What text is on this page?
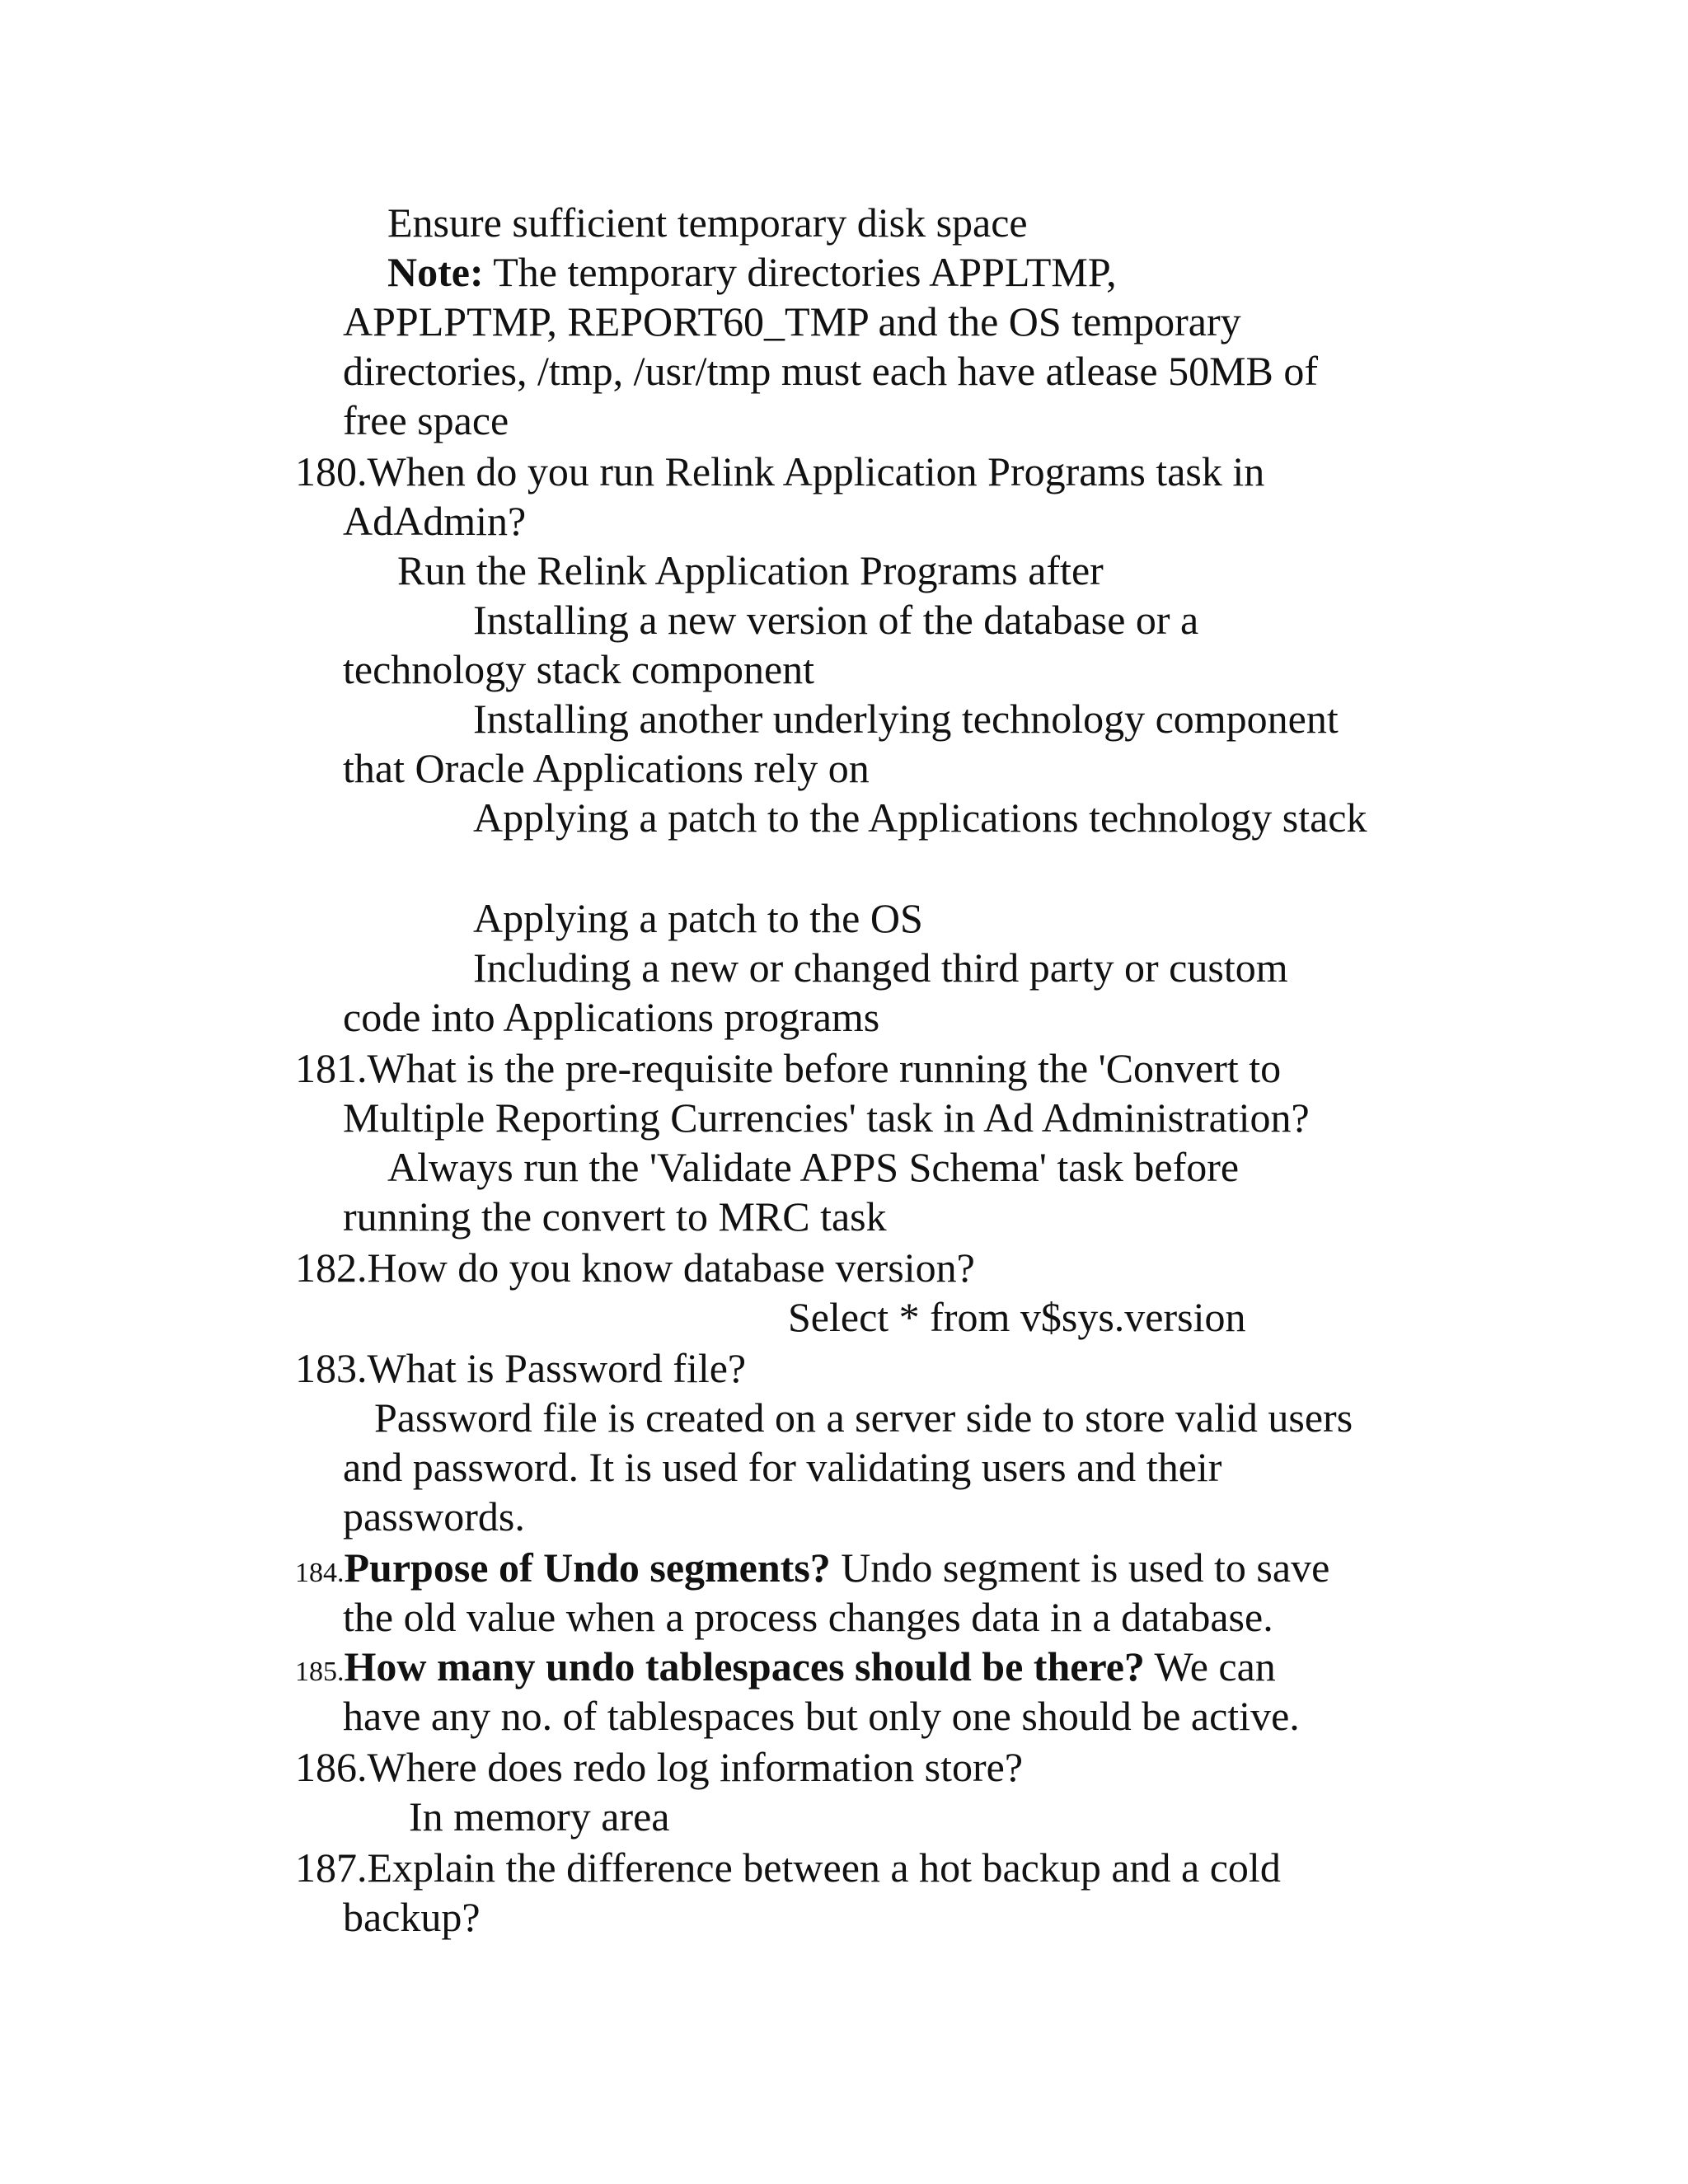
Ensure sufficient temporary disk space
Note: The temporary directories APPLTMP,
APPLPTMP, REPORT60_TMP and the OS temporary
directories, /tmp, /usr/tmp must each have atlease 50MB of
free space
180.When do you run Relink Application Programs task in
AdAdmin?
Run the Relink Application Programs after
Installing a new version of the database or a
technology stack component
Installing another underlying technology component
that Oracle Applications rely on
Applying a patch to the Applications technology stack
Applying a patch to the OS
Including a new or changed third party or custom
code into Applications programs
181.What is the pre-requisite before running the 'Convert to
Multiple Reporting Currencies' task in Ad Administration?
Always run the 'Validate APPS Schema' task before
running the convert to MRC task
182.How do you know database version?
Select * from v$sys.version
183.What is Password file?
Password file is created on a server side to store valid users
and password. It is used for validating users and their
passwords.
184.Purpose of Undo segments? Undo segment is used to save
the old value when a process changes data in a database.
185.How many undo tablespaces should be there? We can
have any no. of tablespaces but only one should be active.
186.Where does redo log information store?
In memory area
187.Explain the difference between a hot backup and a cold
backup?
